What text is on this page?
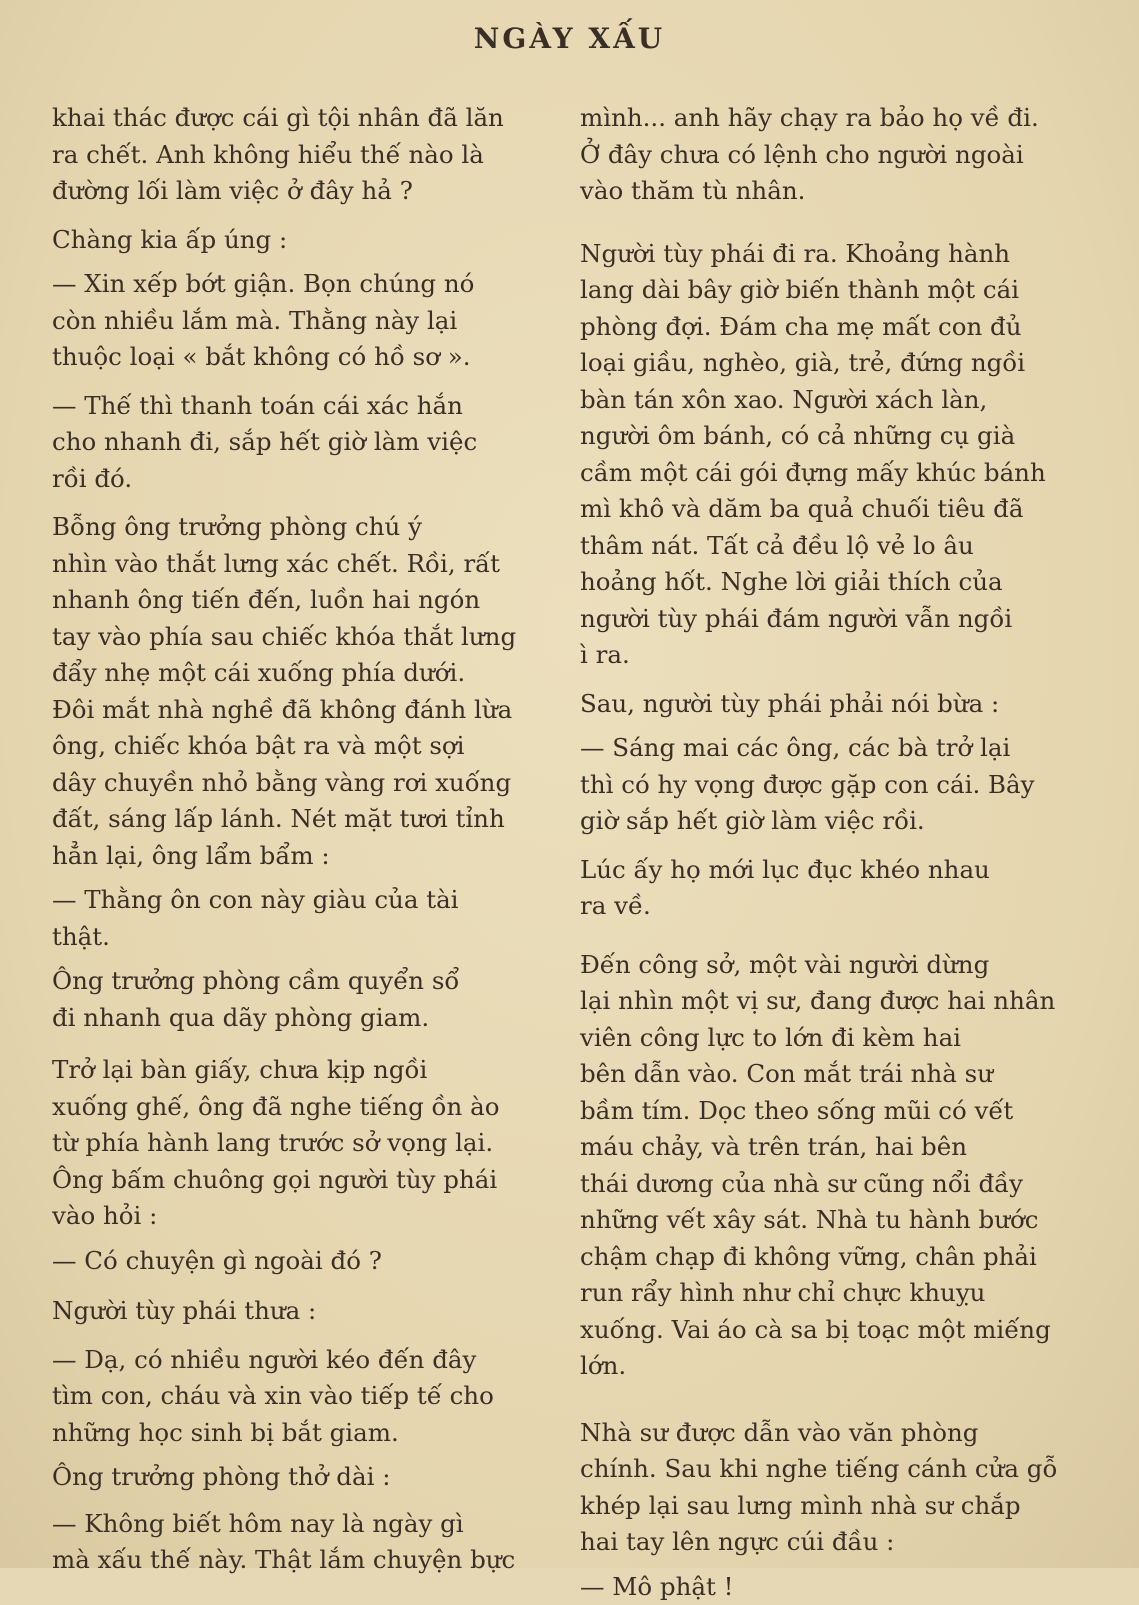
NGÀY XẤU

khai thác được cái gì tội nhân đã lăn
ra chết. Anh không hiểu thế nào là
đường lối làm việc ở đây hả ?

Chàng kia ấp úng :

— Xin xếp bớt giận. Bọn chúng nó
còn nhiều lắm mà. Thằng này lại
thuộc loại « bắt không có hồ sơ ».

— Thế thì thanh toán cái xác hắn
cho nhanh đi, sắp hết giờ làm việc
rồi đó.

Bỗng ông trưởng phòng chú ý
nhìn vào thắt lưng xác chết. Rồi, rất
nhanh ông tiến đến, luồn hai ngón
tay vào phía sau chiếc khóa thắt lưng
đẩy nhẹ một cái xuống phía dưới.
Đôi mắt nhà nghề đã không đánh lừa
ông, chiếc khóa bật ra và một sợi
dây chuyền nhỏ bằng vàng rơi xuống
đất, sáng lấp lánh. Nét mặt tươi tỉnh
hẳn lại, ông lẩm bẩm :

— Thằng ôn con này giàu của tài
thật.

Ông trưởng phòng cầm quyển sổ
đi nhanh qua dãy phòng giam.

Trở lại bàn giấy, chưa kịp ngồi
xuống ghế, ông đã nghe tiếng ồn ào
từ phía hành lang trước sở vọng lại.
Ông bấm chuông gọi người tùy phái
vào hỏi :

— Có chuyện gì ngoài đó ?

Người tùy phái thưa :

— Dạ, có nhiều người kéo đến đây
tìm con, cháu và xin vào tiếp tế cho
những học sinh bị bắt giam.

Ông trưởng phòng thở dài :

— Không biết hôm nay là ngày gì
mà xấu thế này. Thật lắm chuyện bực

mình... anh hãy chạy ra bảo họ về đi.
Ở đây chưa có lệnh cho người ngoài
vào thăm tù nhân.

Người tùy phái đi ra. Khoảng hành
lang dài bây giờ biến thành một cái
phòng đợi. Đám cha mẹ mất con đủ
loại giầu, nghèo, già, trẻ, đứng ngồi
bàn tán xôn xao. Người xách làn,
người ôm bánh, có cả những cụ già
cầm một cái gói đựng mấy khúc bánh
mì khô và dăm ba quả chuối tiêu đã
thâm nát. Tất cả đều lộ vẻ lo âu
hoảng hốt. Nghe lời giải thích của
người tùy phái đám người vẫn ngồi
ì ra.

Sau, người tùy phái phải nói bừa :

— Sáng mai các ông, các bà trở lại
thì có hy vọng được gặp con cái. Bây
giờ sắp hết giờ làm việc rồi.

Lúc ấy họ mới lục đục khéo nhau
ra về.

Đến công sở, một vài người dừng
lại nhìn một vị sư, đang được hai nhân
viên công lực to lớn đi kèm hai
bên dẫn vào. Con mắt trái nhà sư
bầm tím. Dọc theo sống mũi có vết
máu chảy, và trên trán, hai bên
thái dương của nhà sư cũng nổi đầy
những vết xây sát. Nhà tu hành bước
chậm chạp đi không vững, chân phải
run rẩy hình như chỉ chực khuỵu
xuống. Vai áo cà sa bị toạc một miếng
lớn.

Nhà sư được dẫn vào văn phòng
chính. Sau khi nghe tiếng cánh cửa gỗ
khép lại sau lưng mình nhà sư chắp
hai tay lên ngực cúi đầu :

— Mô phật !
